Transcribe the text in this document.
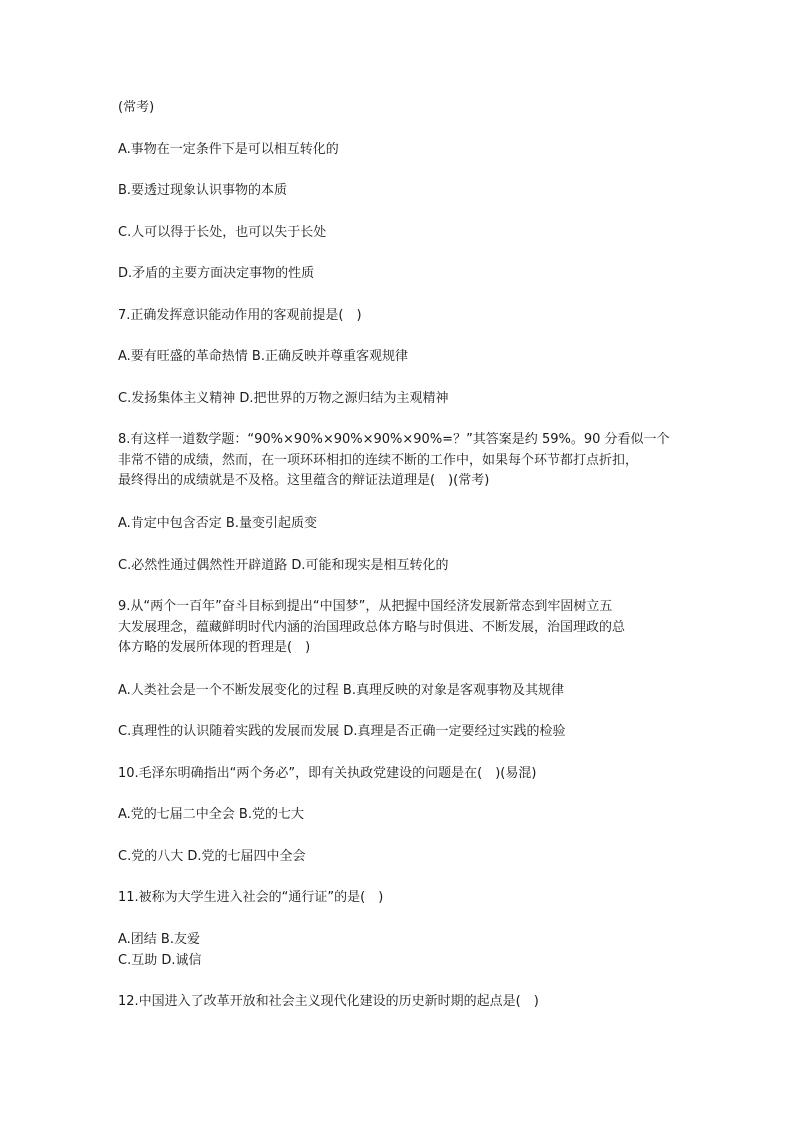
(常考)
A.事物在一定条件下是可以相互转化的
B.要透过现象认识事物的本质
C.人可以得于长处，也可以失于长处
D.矛盾的主要方面决定事物的性质
7.正确发挥意识能动作用的客观前提是(　)
A.要有旺盛的革命热情 B.正确反映并尊重客观规律
C.发扬集体主义精神 D.把世界的万物之源归结为主观精神
8.有这样一道数学题：“90%×90%×90%×90%×90%=？”其答案是约 59%。90 分看似一个
非常不错的成绩，然而，在一项环环相扣的连续不断的工作中，如果每个环节都打点折扣，
最终得出的成绩就是不及格。这里蕴含的辩证法道理是(　)(常考)
A.肯定中包含否定 B.量变引起质变
C.必然性通过偶然性开辟道路 D.可能和现实是相互转化的
9.从“两个一百年”奋斗目标到提出“中国梦”，从把握中国经济发展新常态到牢固树立五
大发展理念，蕴藏鲜明时代内涵的治国理政总体方略与时俱进、不断发展，治国理政的总
体方略的发展所体现的哲理是(　)
A.人类社会是一个不断发展变化的过程 B.真理反映的对象是客观事物及其规律
C.真理性的认识随着实践的发展而发展 D.真理是否正确一定要经过实践的检验
10.毛泽东明确指出“两个务必”，即有关执政党建设的问题是在(　)(易混)
A.党的七届二中全会 B.党的七大
C.党的八大 D.党的七届四中全会
11.被称为大学生进入社会的“通行证”的是(　)
A.团结 B.友爱
C.互助 D.诚信
12.中国进入了改革开放和社会主义现代化建设的历史新时期的起点是(　)
